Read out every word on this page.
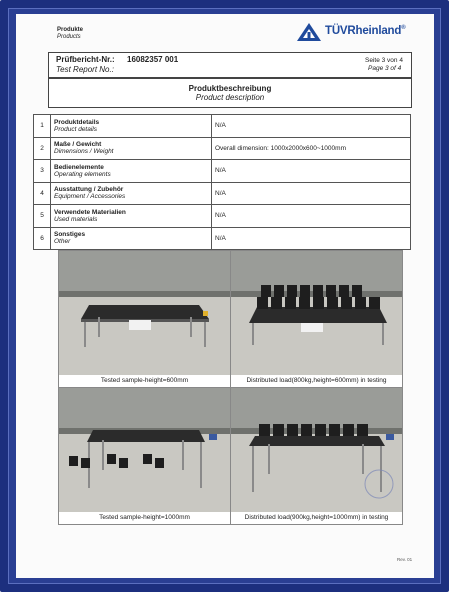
Produkte
Products	TÜVRheinland®
Prüfbericht-Nr.: 16082357 001
Test Report No.:
Seite 3 von 4
Page 3 of 4
Produktbeschreibung
Product description
1	Produktdetails
Product details	N/A
2	Maße / Gewicht
Dimensions / Weight	Overall dimension: 1000x2000x600~1000mm
3	Bedienelemente
Operating elements	N/A
4	Ausstattung / Zubehör
Equipment / Accessories	N/A
5	Verwendete Materialien
Used materials	N/A
6	Sonstiges
Other	N/A
Tested sample-height=600mm	Distributed load(800kg,height=600mm) in testing

Tested sample-height=1000mm	Distributed load(900kg,height=1000mm) in testing
Rev. 01
